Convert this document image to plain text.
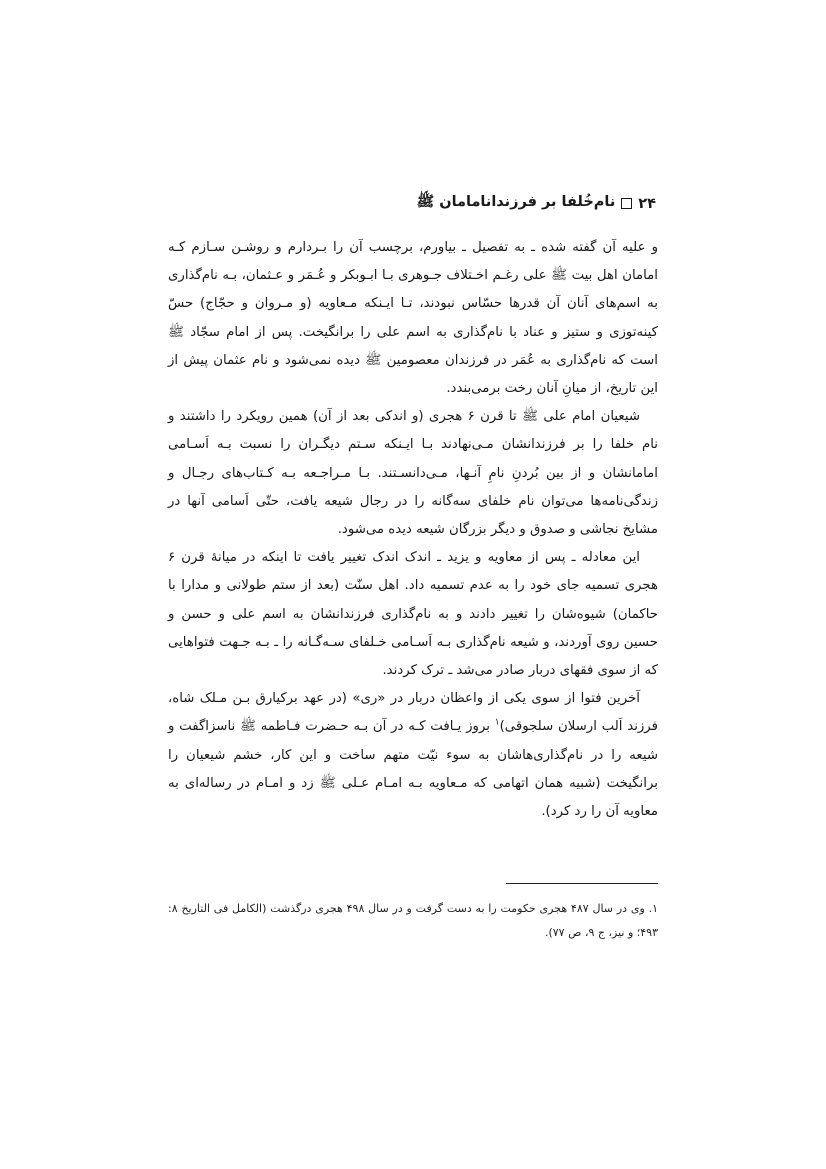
۲۴
نام‌خُلفا بر فرزندانامامان ﷺ

و علیه آن گفته شده ـ به تفصیل ـ بیاورم، برچسب آن را بـردارم و روشـن سـازم کـه امامان اهل بیت ﷺ علی رغـم اخـتلاف جـوهری بـا ابـوبکر و عُـمَر و عـثمان، بـه نام‌گذاری به اسم‌های آنان آن قدرها حسّاس نبودند، تـا ایـنکه مـعاویه (و مـروان و حجّاج) حسّ کینه‌توزی و ستیز و عناد با نام‌گذاری به اسم علی را برانگیخت. پس از امام سجّاد ﷺ است که نام‌گذاری به عُمَر در فرزندان معصومین ﷺ دیده نمی‌شود و نام عثمان پیش از این تاریخ، از میانِ آنان رخت برمی‌بندد.

شیعیان امام علی ﷺ تا قرن ۶ هجری (و اندکی بعد از آن) همین رویکرد را داشتند و نام خلفا را بر فرزندانشان مـی‌نهادند بـا ایـنکه سـتم دیگـران را نسبت بـه اَسـامی امامانشان و از بین بُردنِ نامِ آنـها، مـی‌دانسـتند. بـا مـراجـعه بـه کـتاب‌های رجـال و زندگی‌نامه‌ها می‌توان نام خلفای سه‌گانه را در رجال شیعه یافت، حتّی اَسامی آنها در مشایخ نجاشی و صدوق و دیگر بزرگان شیعه دیده می‌شود.

این معادله ـ پس از معاویه و یزید ـ اندک اندک تغییر یافت تا اینکه در میانهٔ قرن ۶ هجری تسمیه جای خود را به عدم تسمیه داد. اهل سنّت (بعد از ستم طولانی و مدارا با حاکمان) شیوه‌شان را تغییر دادند و به نام‌گذاری فرزندانشان به اسم علی و حسن و حسین روی آوردند، و شیعه نام‌گذاری بـه اَسـامی خـلفای سـه‌گـانه را ـ بـه جـهت فتواهایی که از سوی فقهای دربار صادر می‌شد ـ ترک کردند.

آخرین فتوا از سوی یکی از واعظان دربار در «ری» (در عهد برکیارق بـن مـلک شاه، فرزند اَلب ارسلان سلجوقی)$^۱$ بروز یـافت کـه در آن بـه حـضرت فـاطمه ﷺ ناسزاگفت و شیعه را در نام‌گذاری‌هاشان به سوء نیّت متهم ساخت و این کار، خشم شیعیان را برانگیخت (شبیه همان اتهامی که مـعاویه بـه امـام عـلی ﷺ زد و امـام در رساله‌ای به معاویه آن را رد کرد).

۱. وی در سال ۴۸۷ هجری حکومت را به دست گرفت و در سال ۴۹۸ هجری درگذشت (الکامل فی التاریخ ۸: ۴۹۳؛ و نیز، ج ۹، ص ۷۷).
